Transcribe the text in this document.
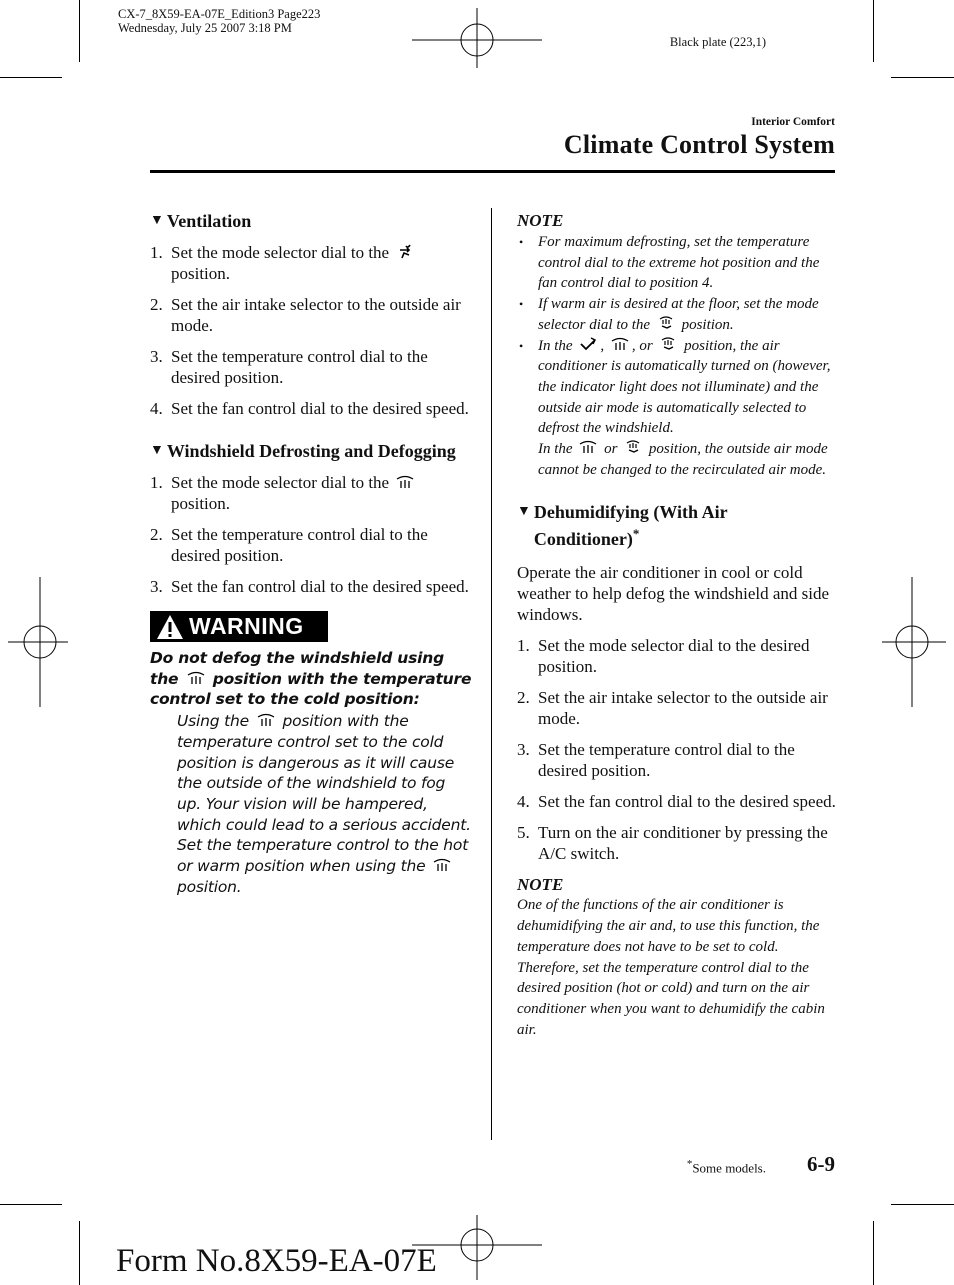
CX-7_8X59-EA-07E_Edition3 Page223
Wednesday, July 25 2007 3:18 PM
Black plate (223,1)
Interior Comfort
Climate Control System
▼ Ventilation
1. Set the mode selector dial to the

position.
2. Set the air intake selector to the outside air mode.
3. Set the temperature control dial to the desired position.
4. Set the fan control dial to the desired speed.
▼ Windshield Defrosting and Defogging
1. Set the mode selector dial to the

position.
2. Set the temperature control dial to the desired position.
3. Set the fan control dial to the desired speed.
WARNING
Do not defog the windshield using the position with the temperature control set to the cold position:
Using the position with the temperature control set to the cold position is dangerous as it will cause the outside of the windshield to fog up. Your vision will be hampered, which could lead to a serious accident. Set the temperature control to the hot or warm position when using the
position.
NOTE
• For maximum defrosting, set the temperature control dial to the extreme hot position and the fan control dial to position 4.
• If warm air is desired at the floor, set the mode selector dial to the position.
• In the , , or position, the air conditioner is automatically turned on (however, the indicator light does not illuminate) and the outside air mode is automatically selected to defrost the windshield.
In the or position, the outside air mode cannot be changed to the recirculated air mode.
▼ Dehumidifying (With Air Conditioner)*
Operate the air conditioner in cool or cold weather to help defog the windshield and side windows.
1. Set the mode selector dial to the desired position.
2. Set the air intake selector to the outside air mode.
3. Set the temperature control dial to the desired position.
4. Set the fan control dial to the desired speed.
5. Turn on the air conditioner by pressing the A/C switch.
NOTE
One of the functions of the air conditioner is dehumidifying the air and, to use this function, the temperature does not have to be set to cold. Therefore, set the temperature control dial to the desired position (hot or cold) and turn on the air conditioner when you want to dehumidify the cabin air.
*Some models. 6-9
Form No.8X59-EA-07E
